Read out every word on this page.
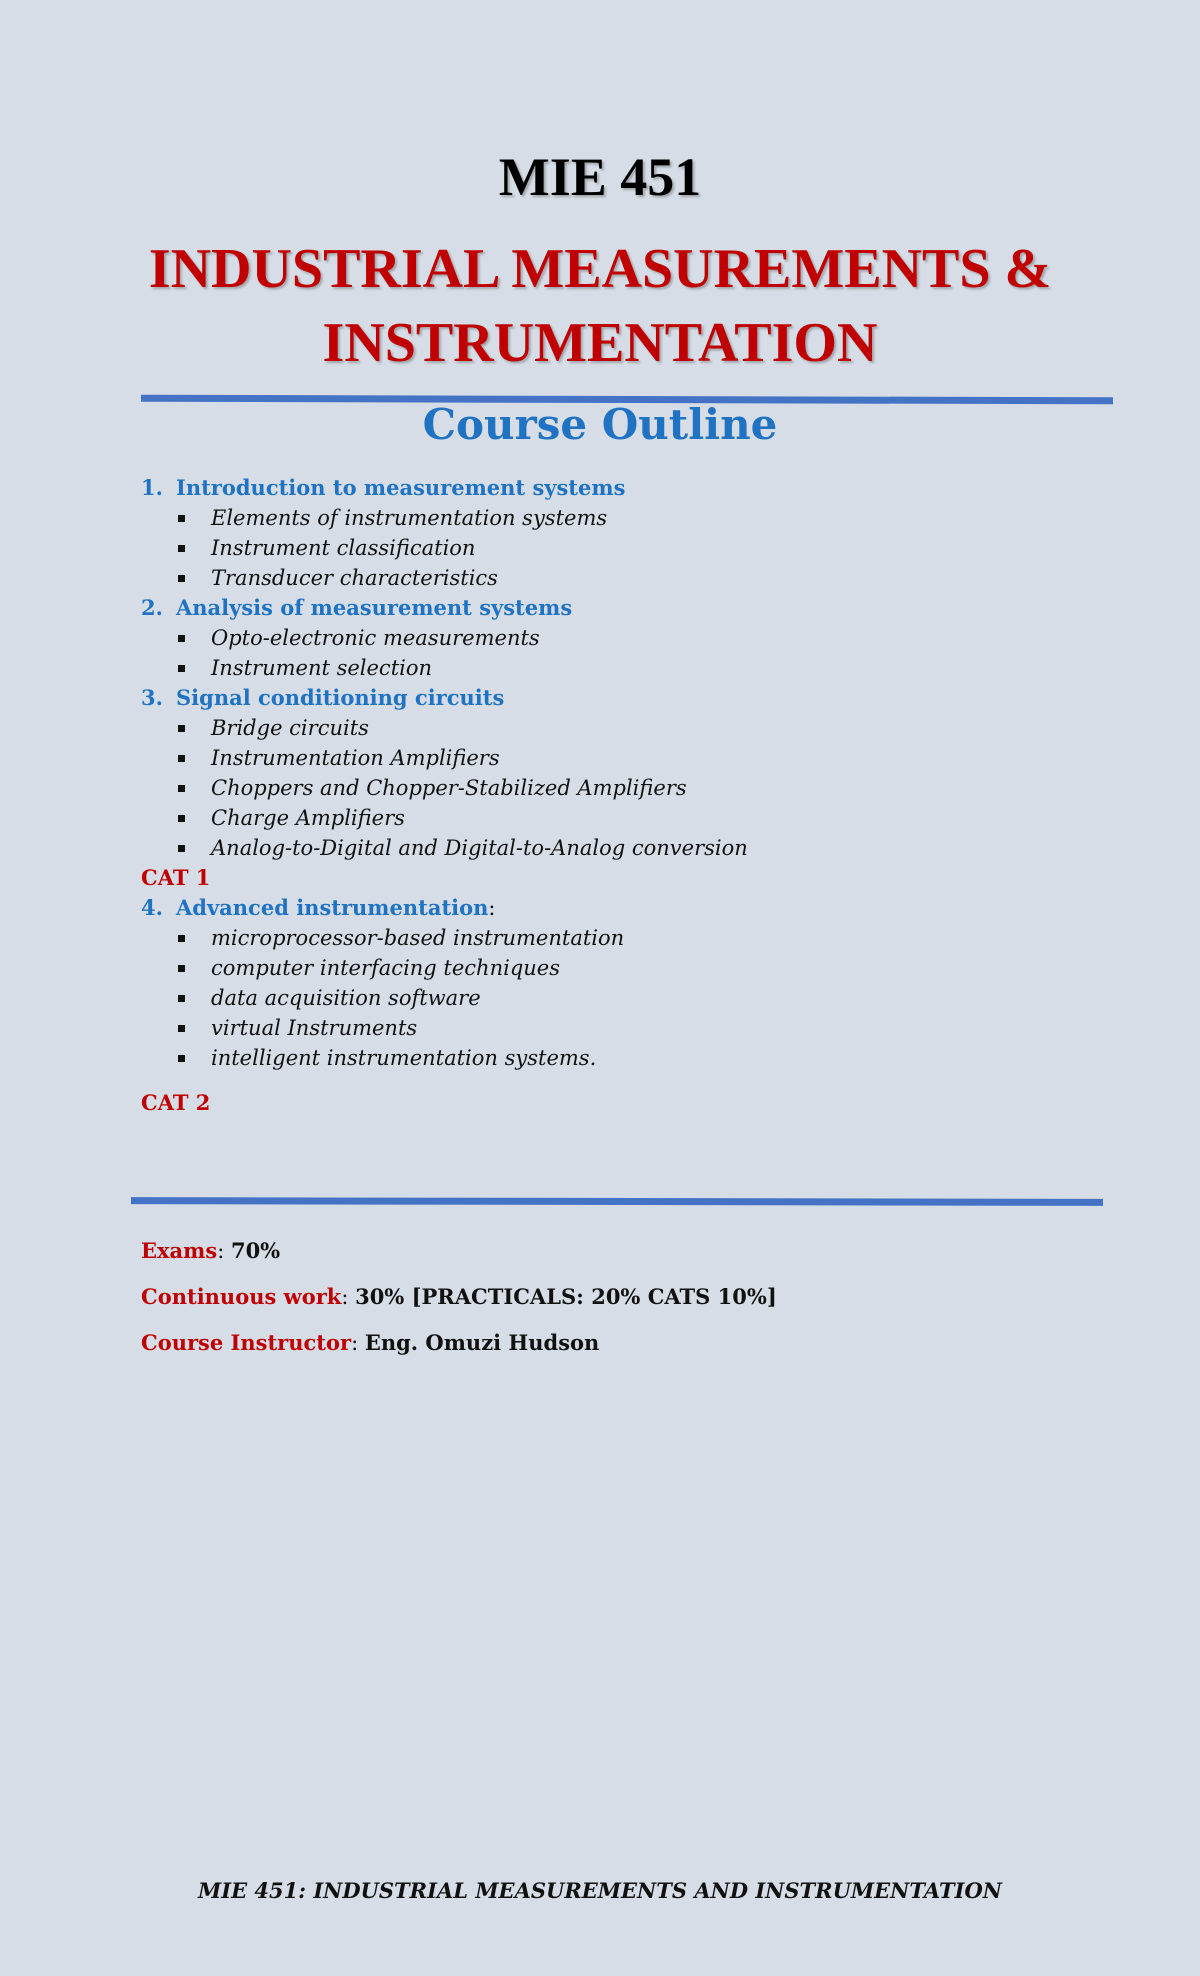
MIE 451
INDUSTRIAL MEASUREMENTS &
INSTRUMENTATION
Course Outline
1. Introduction to measurement systems
Elements of instrumentation systems
Instrument classification
Transducer characteristics
2. Analysis of measurement systems
Opto-electronic measurements
Instrument selection
3. Signal conditioning circuits
Bridge circuits
Instrumentation Amplifiers
Choppers and Chopper-Stabilized Amplifiers
Charge Amplifiers
Analog-to-Digital and Digital-to-Analog conversion
CAT 1
4. Advanced instrumentation :
microprocessor-based instrumentation
computer interfacing techniques
data acquisition software
virtual Instruments
intelligent instrumentation systems.
CAT 2
Exams: 70%
Continuous work: 30% [PRACTICALS: 20% CATS 10%]
Course Instructor: Eng. Omuzi Hudson
MIE 451: INDUSTRIAL MEASUREMENTS AND INSTRUMENTATION
